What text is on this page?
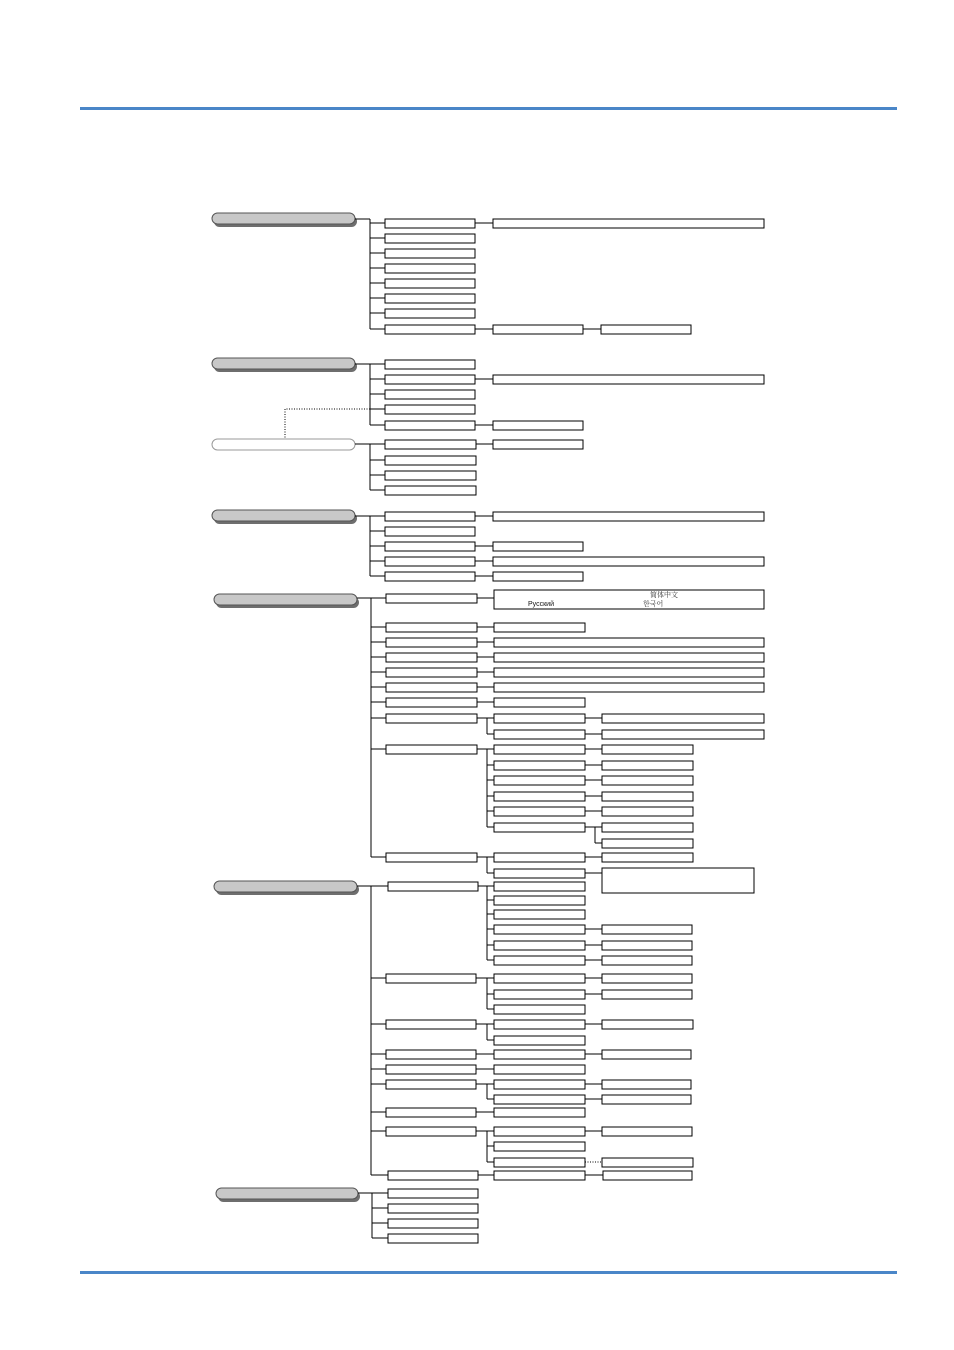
简体中文
Русский	한국어
